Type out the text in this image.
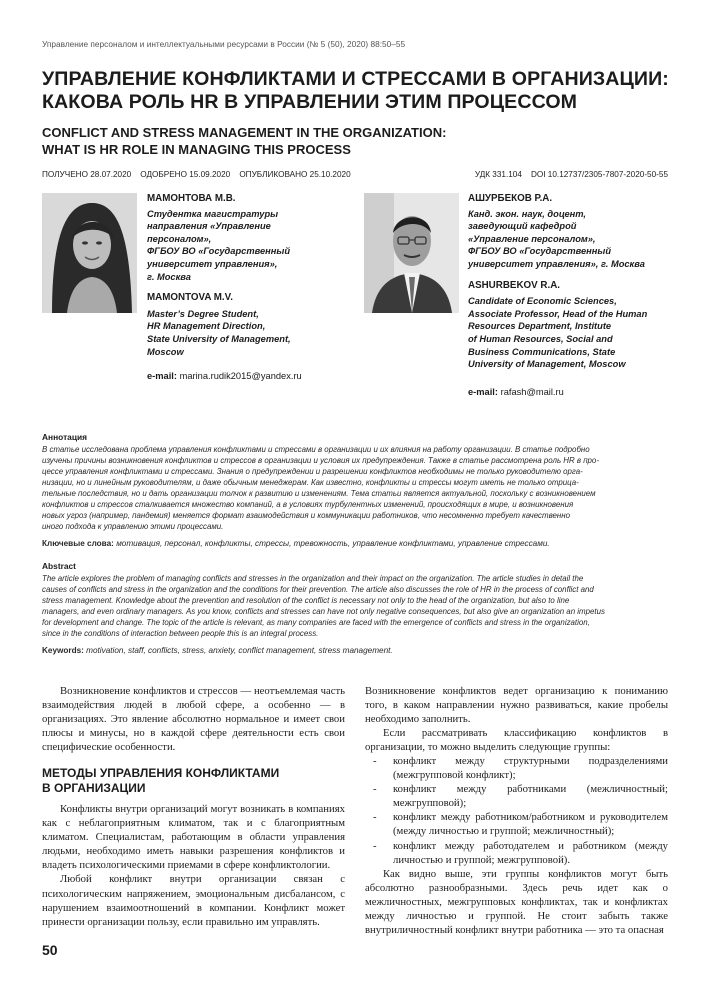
Управление персоналом и интеллектуальными ресурсами в России (№ 5 (50), 2020) 88:50–55
УПРАВЛЕНИЕ КОНФЛИКТАМИ И СТРЕССАМИ В ОРГАНИЗАЦИИ:
КАКОВА РОЛЬ HR В УПРАВЛЕНИИ ЭТИМ ПРОЦЕССОМ
CONFLICT AND STRESS MANAGEMENT IN THE ORGANIZATION:
WHAT IS HR ROLE IN MANAGING THIS PROCESS
ПОЛУЧЕНО 28.07.2020    ОДОБРЕНО 15.09.2020    ОПУБЛИКОВАНО 25.10.2020	УДК 331.104    DOI 10.12737/2305-7807-2020-50-55
МАМОНТОВА М.В.
Студентка магистратуры
направления «Управление
персоналом»,
ФГБОУ ВО «Государственный
университет управления»,
г. Москва
MAMONTOVA M.V.
Master’s Degree Student,
HR Management Direction,
State University of Management,
Moscow
e-mail: marina.rudik2015@yandex.ru
АШУРБЕКОВ Р.А.
Канд. экон. наук, доцент,
заведующий кафедрой
«Управление персоналом»,
ФГБОУ ВО «Государственный
университет управления», г. Москва
ASHURBEKOV R.A.
Candidate of Economic Sciences,
Associate Professor, Head of the Human
Resources Department, Institute
of Human Resources, Social and
Business Communications, State
University of Management, Moscow
e-mail: rafash@mail.ru
Аннотация
В статье исследована проблема управления конфликтами и стрессами в организации и их влияния на работу организации. В статье подробно
изучены причины возникновения конфликтов и стрессов в организации и условия их предупреждения. Также в статье рассмотрена роль HR в про-
цессе управления конфликтами и стрессами. Знания о предупреждении и разрешении конфликтов необходимы не только руководителю орга-
низации, но и линейным руководителям, и даже обычным менеджерам. Как известно, конфликты и стрессы могут иметь не только отрица-
тельные последствия, но и дать организации толчок к развитию и изменениям. Тема статьи является актуальной, поскольку с возникновением
конфликтов и стрессов сталкивается множество компаний, а в условиях турбулентных изменений, происходящих в мире, и возникновения
новых угроз (например, пандемия) меняется формат взаимодействия и коммуникации работников, что несомненно требует качественно
иного подхода к управлению этими процессами.
Ключевые слова: мотивация, персонал, конфликты, стрессы, тревожность, управление конфликтами, управление стрессами.
Abstract
The article explores the problem of managing conflicts and stresses in the organization and their impact on the organization. The article studies in detail the
causes of conflicts and stress in the organization and the conditions for their prevention. The article also discusses the role of HR in the process of conflict and
stress management. Knowledge about the prevention and resolution of the conflict is necessary not only to the head of the organization, but also to line
managers, and even ordinary managers. As you know, conflicts and stresses can have not only negative consequences, but also give an organization an impetus
for development and change. The topic of the article is relevant, as many companies are faced with the emergence of conflicts and stress in the organization,
since in the conditions of interaction between people this is an integral process.
Keywords: motivation, staff, conflicts, stress, anxiety, conflict management, stress management.

Возникновение конфликтов и стрессов — неотъемлемая часть взаимодействия людей в любой сфере, а особенно — в организациях. Это явление абсолютно нормальное и имеет свои плюсы и минусы, но в каждой сфере деятельности есть свои специфические особенности.

МЕТОДЫ УПРАВЛЕНИЯ КОНФЛИКТАМИ
В ОРГАНИЗАЦИИ

Конфликты внутри организаций могут возникать в компаниях как с неблагоприятным климатом, так и с благоприятным климатом. Специалистам, работающим в области управления людьми, необходимо иметь навыки разрешения конфликтов и владеть психологическими приемами в сфере конфликтологии.

Любой конфликт внутри организации связан с психологическим напряжением, эмоциональным дисбалансом, с нарушением взаимоотношений в компании. Конфликт может принести организации пользу, если правильно им управлять.

Возникновение конфликтов ведет организацию к пониманию того, в каком направлении нужно развиваться, какие пробелы необходимо заполнить.

Если рассматривать классификацию конфликтов в организации, то можно выделить следующие группы:

- конфликт между структурными подразделениями (межгрупповой конфликт);
- конфликт между работниками (межличностный; межгрупповой);
- конфликт между работником/работником и руководителем (между личностью и группой; межличностный);
- конфликт между работодателем и работником (между личностью и группой; межгрупповой).

Как видно выше, эти группы конфликтов могут быть абсолютно разнообразными. Здесь речь идет как о межличностных, межгрупповых конфликтах, так и конфликтах между личностью и группой. Не стоит забыть также внутриличностный конфликт внутри работника — это та опасная

50
